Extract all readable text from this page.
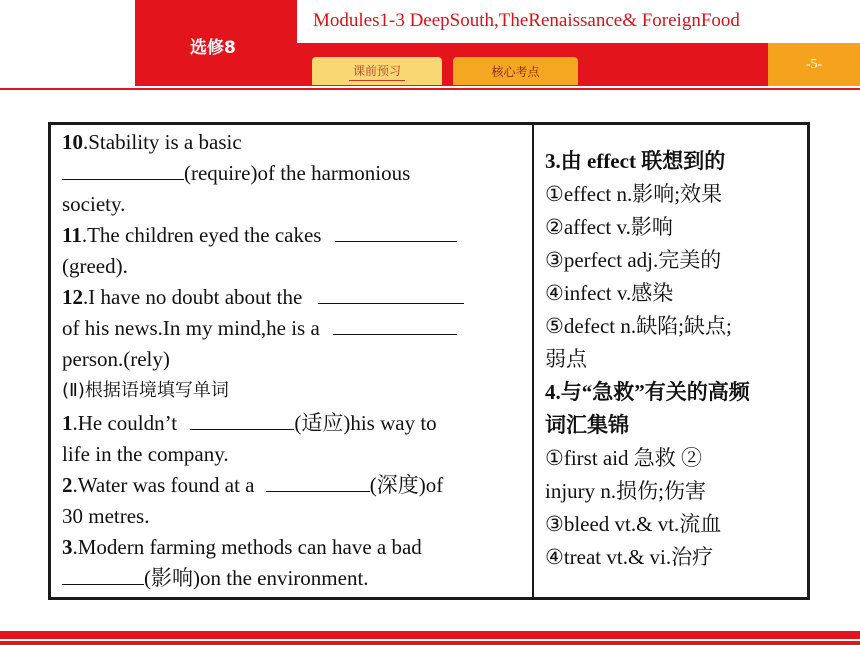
选修8
Modules1-3 DeepSouth,TheRenaissance& ForeignFood
课前预习	核心考点	-5-
10.Stability is a basic
(require)of the harmonious
society.
11.The children eyed the cakes
(greed).
12.I have no doubt about the
of his news.In my mind,he is a
person.(rely)
(Ⅱ)根据语境填写单词
1.He couldn’t	(适应)his way to
life in the company.
2.Water was found at a	(深度)of
30 metres.
3.Modern farming methods can have a bad
(影响)on the environment.
3.由 effect 联想到的
①effect n.影响;效果
②affect v.影响
③perfect adj.完美的
④infect v.感染
⑤defect n.缺陷;缺点;
弱点
4.与“急救”有关的高频
词汇集锦
①first aid 急救 ②
injury n.损伤;伤害
③bleed vt.& vt.流血
④treat vt.& vi.治疗
